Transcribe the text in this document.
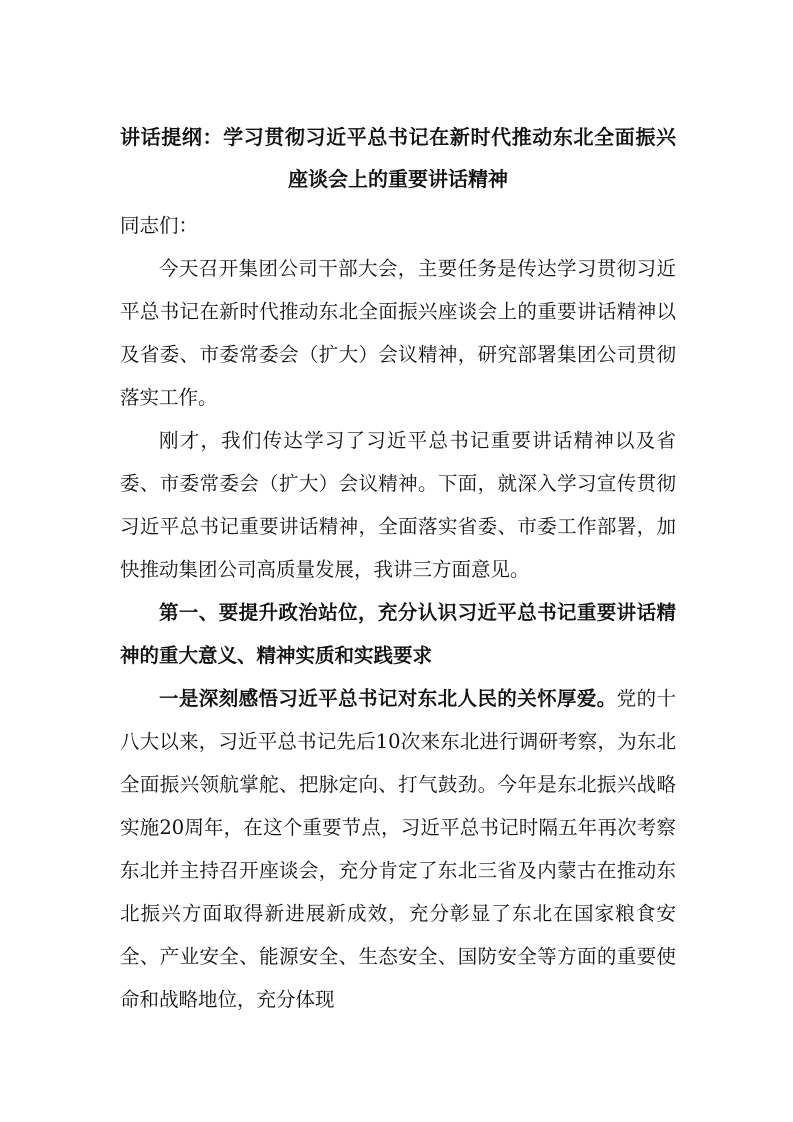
讲话提纲：学习贯彻习近平总书记在新时代推动东北全面振兴座谈会上的重要讲话精神

同志们：

今天召开集团公司干部大会，主要任务是传达学习贯彻习近平总书记在新时代推动东北全面振兴座谈会上的重要讲话精神以及省委、市委常委会（扩大）会议精神，研究部署集团公司贯彻落实工作。

刚才，我们传达学习了习近平总书记重要讲话精神以及省委、市委常委会（扩大）会议精神。下面，就深入学习宣传贯彻习近平总书记重要讲话精神，全面落实省委、市委工作部署，加快推动集团公司高质量发展，我讲三方面意见。

第一、要提升政治站位，充分认识习近平总书记重要讲话精神的重大意义、精神实质和实践要求

一是深刻感悟习近平总书记对东北人民的关怀厚爱。党的十八大以来，习近平总书记先后10次来东北进行调研考察，为东北全面振兴领航掌舵、把脉定向、打气鼓劲。今年是东北振兴战略实施20周年，在这个重要节点，习近平总书记时隔五年再次考察东北并主持召开座谈会，充分肯定了东北三省及内蒙古在推动东北振兴方面取得新进展新成效，充分彰显了东北在国家粮食安全、产业安全、能源安全、生态安全、国防安全等方面的重要使命和战略地位，充分体现
